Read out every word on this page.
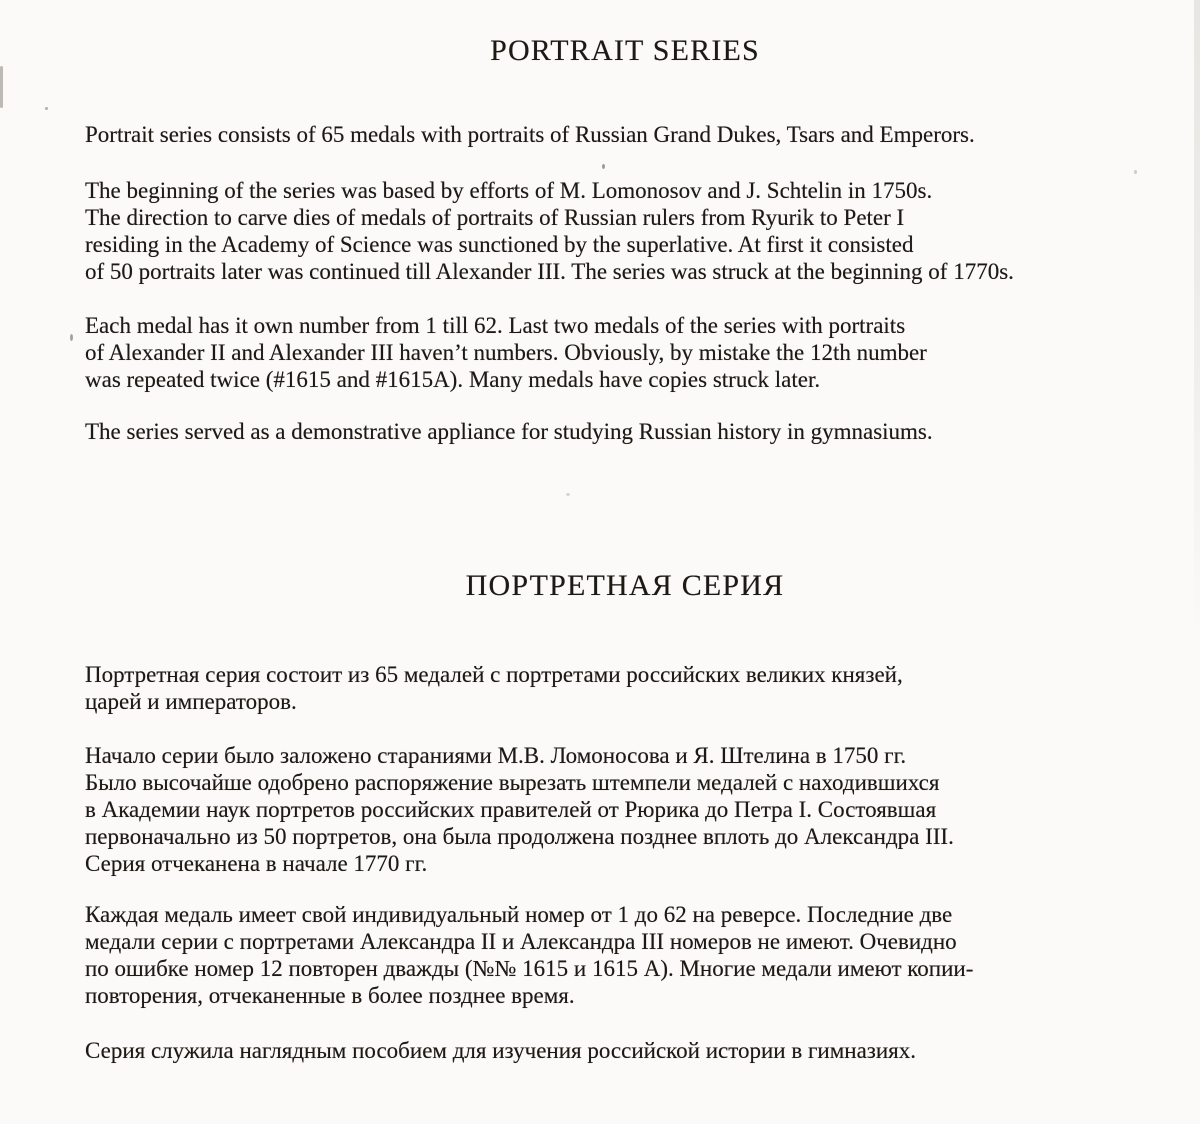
PORTRAIT SERIES
Portrait series consists of 65 medals with portraits of Russian Grand Dukes, Tsars and Emperors.
The beginning of the series was based by efforts of M. Lomonosov and J. Schtelin in 1750s.
The direction to carve dies of medals of portraits of Russian rulers from Ryurik to Peter I
residing in the Academy of Science was sunctioned by the superlative. At first it consisted
of 50 portraits later was continued till Alexander III. The series was struck at the beginning of 1770s.
Each medal has it own number from 1 till 62. Last two medals of the series with portraits
of Alexander II and Alexander III haven’t numbers. Obviously, by mistake the 12th number
was repeated twice (#1615 and #1615A). Many medals have copies struck later.
The series served as a demonstrative appliance for studying Russian history in gymnasiums.
ПОРТРЕТНАЯ СЕРИЯ
Портретная серия состоит из 65 медалей с портретами российских великих князей,
царей и императоров.
Начало серии было заложено стараниями М.В. Ломоносова и Я. Штелина в 1750 гг.
Было высочайше одобрено распоряжение вырезать штемпели медалей с находившихся
в Академии наук портретов российских правителей от Рюрика до Петра I. Состоявшая
первоначально из 50 портретов, она была продолжена позднее вплоть до Александра III.
Серия отчеканена в начале 1770 гг.
Каждая медаль имеет свой индивидуальный номер от 1 до 62 на реверсе. Последние две
медали серии с портретами Александра II и Александра III номеров не имеют. Очевидно
по ошибке номер 12 повторен дважды (№№ 1615 и 1615 А). Многие медали имеют копии-
повторения, отчеканенные в более позднее время.
Серия служила наглядным пособием для изучения российской истории в гимназиях.
